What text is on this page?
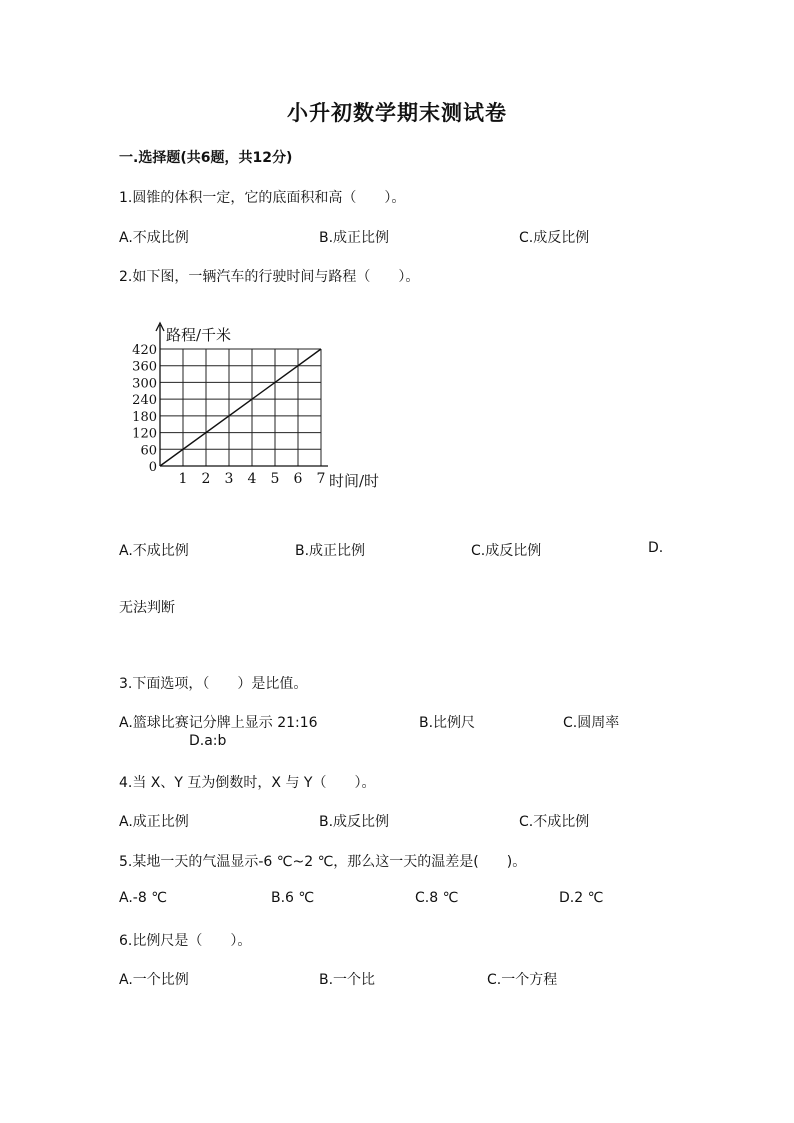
小升初数学期末测试卷
一.选择题(共6题，共12分)
1.圆锥的体积一定，它的底面积和高（　　）。
A.不成比例	B.成正比例	C.成反比例
2.如下图，一辆汽车的行驶时间与路程（　　）。
1 2 3 4 5 6 7
0
60
120
180
240
300
360
420
路程/千米
时间/时
A.不成比例	B.成正比例	C.成反比例	D.
无法判断
3.下面选项，（　　）是比值。
A.篮球比赛记分牌上显示 21:16	B.比例尺	C.圆周率
D.a:b
4.当 X、Y 互为倒数时，X 与 Y（　　）。
A.成正比例	B.成反比例	C.不成比例
5.某地一天的气温显示-6 ℃~2 ℃，那么这一天的温差是(　　)。
A.-8 ℃	B.6 ℃	C.8 ℃	D.2 ℃
6.比例尺是（　　）。
A.一个比例	B.一个比	C.一个方程
